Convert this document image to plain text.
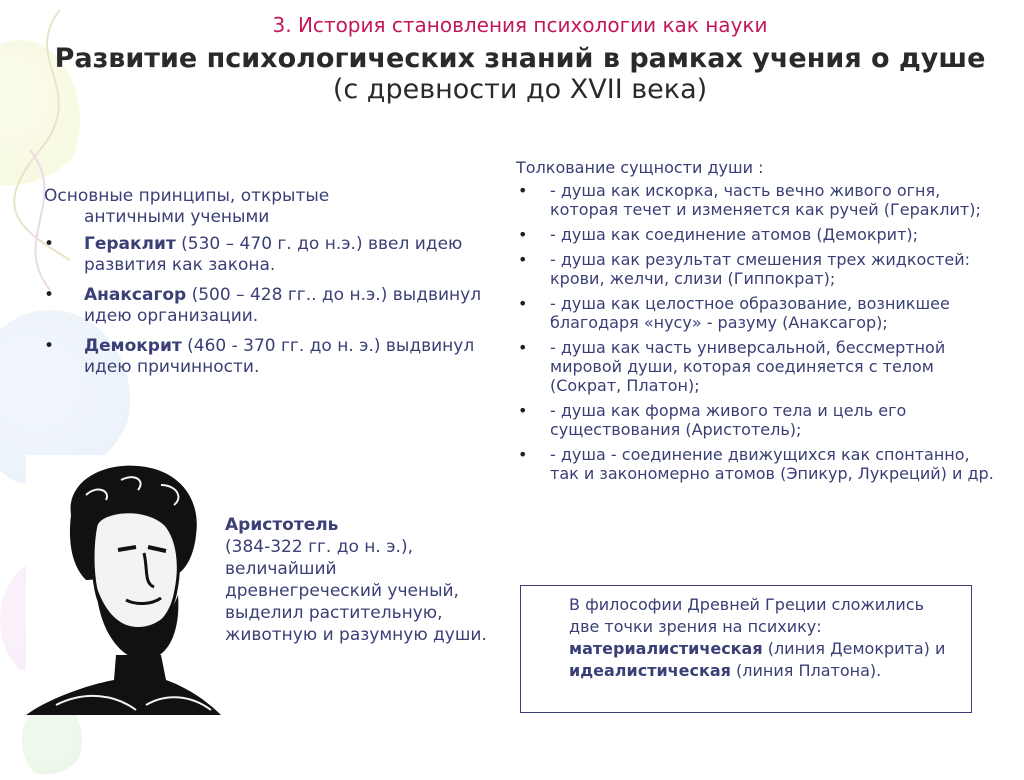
3. История становления психологии как науки
Развитие психологических знаний в рамках учения о душе
(с древности до XVII века)
Основные принципы, открытые
античными учеными
• Гераклит (530 – 470 г. до н.э.) ввел идею развития как закона.
• Анаксагор (500 – 428 гг.. до н.э.) выдвинул идею организации.
• Демокрит (460 - 370 гг. до н. э.) выдвинул идею причинности.
Толкование сущности души :
• - душа как искорка, часть вечно живого огня, которая течет и изменяется как ручей (Гераклит);
• - душа как соединение атомов (Демокрит);
• - душа как результат смешения трех жидкостей: крови, желчи, слизи (Гиппократ);
• - душа как целостное образование, возникшее благодаря «нусу» - разуму (Анаксагор);
• - душа как часть универсальной, бессмертной мировой души, которая соединяется с телом (Сократ, Платон);
• - душа как форма живого тела и цель его существования (Аристотель);
• - душа - соединение движущихся как спонтанно, так и закономерно атомов (Эпикур, Лукреций) и др.
Аристотель
(384-322 гг. до н. э.), величайший древнегреческий ученый, выделил растительную, животную и разумную души.
В философии Древней Греции сложились две точки зрения на психику: материалистическая (линия Демокрита) и идеалистическая (линия Платона).
